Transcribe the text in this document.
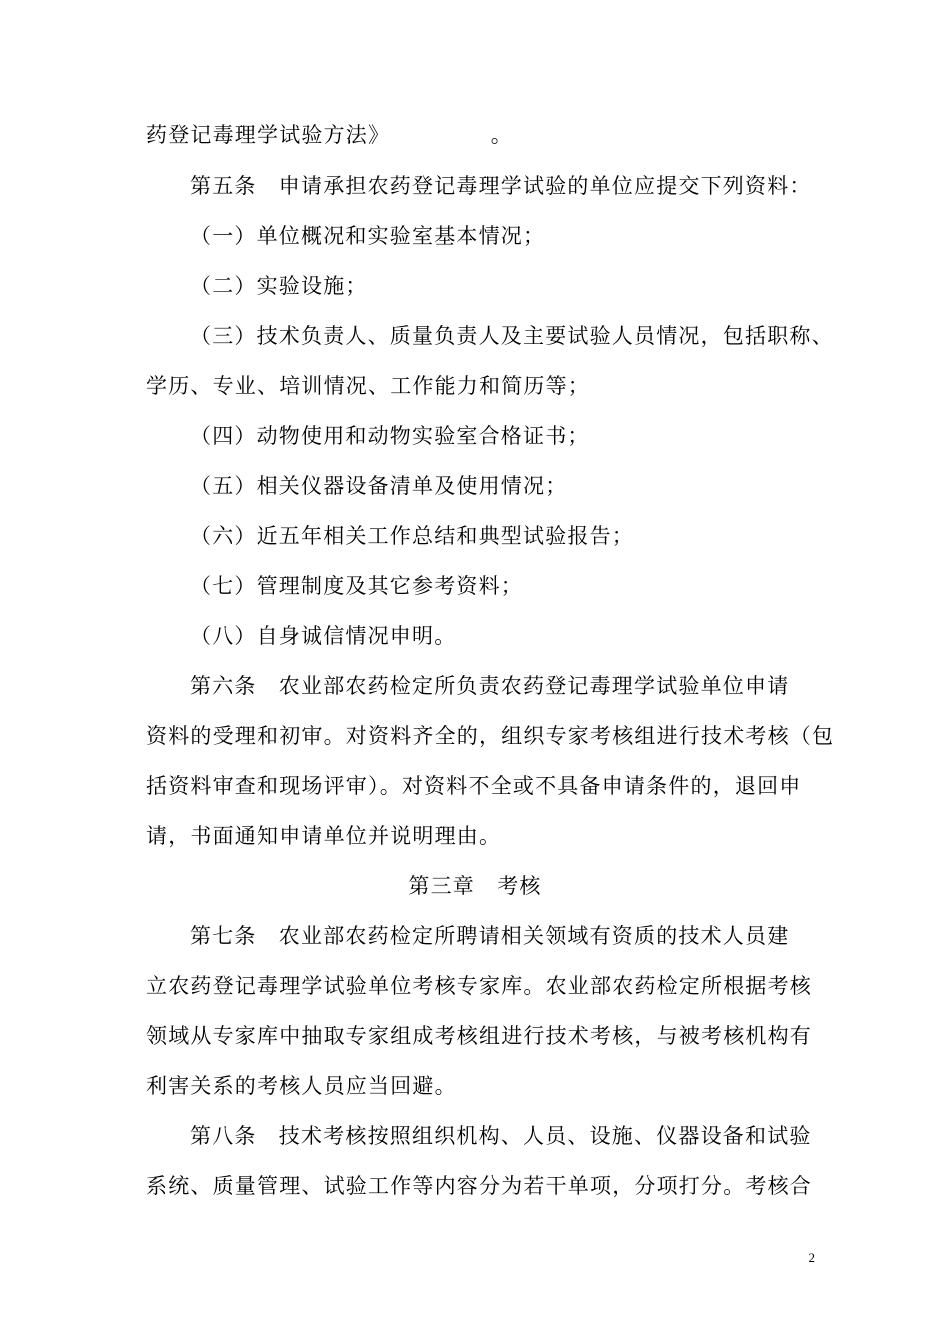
药登记毒理学试验方法》　　　　　。
第五条　申请承担农药登记毒理学试验的单位应提交下列资料：
（一）单位概况和实验室基本情况；
（二）实验设施；
（三）技术负责人、质量负责人及主要试验人员情况，包括职称、
学历、专业、培训情况、工作能力和简历等；
（四）动物使用和动物实验室合格证书；
（五）相关仪器设备清单及使用情况；
（六）近五年相关工作总结和典型试验报告；
（七）管理制度及其它参考资料；
（八）自身诚信情况申明。
第六条　农业部农药检定所负责农药登记毒理学试验单位申请
资料的受理和初审。对资料齐全的，组织专家考核组进行技术考核（包
括资料审查和现场评审）。对资料不全或不具备申请条件的，退回申
请，书面通知申请单位并说明理由。
第三章　考核
第七条　农业部农药检定所聘请相关领域有资质的技术人员建
立农药登记毒理学试验单位考核专家库。农业部农药检定所根据考核
领域从专家库中抽取专家组成考核组进行技术考核，与被考核机构有
利害关系的考核人员应当回避。
第八条　技术考核按照组织机构、人员、设施、仪器设备和试验
系统、质量管理、试验工作等内容分为若干单项，分项打分。考核合
2
